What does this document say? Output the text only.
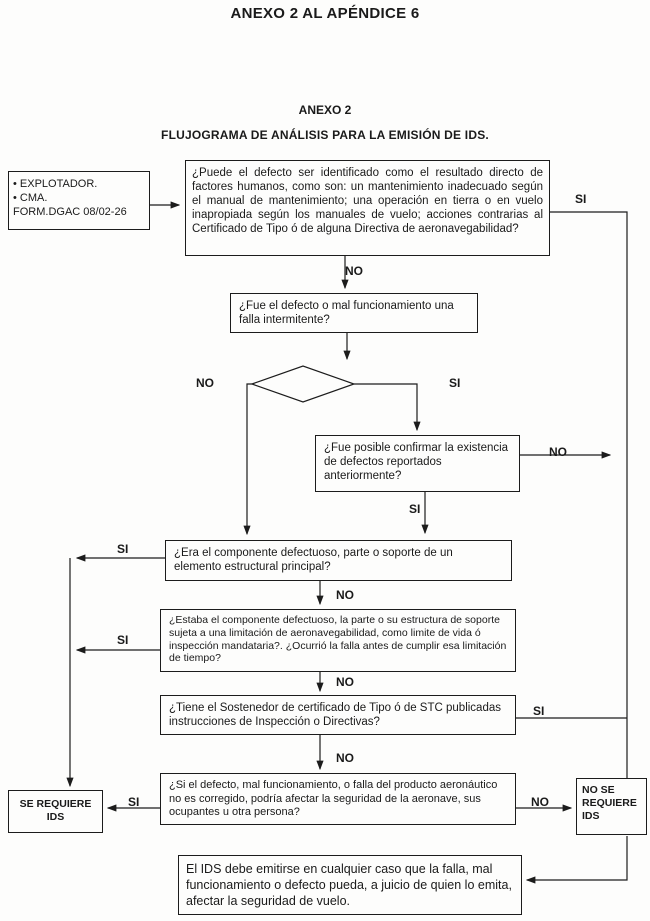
ANEXO 2 AL APÉNDICE 6
ANEXO 2
FLUJOGRAMA DE ANÁLISIS PARA LA EMISIÓN DE IDS.
• EXPLOTADOR.
• CMA.
FORM.DGAC 08/02-26
¿Puede el defecto ser identificado como el resultado directo de factores humanos, como son: un mantenimiento inadecuado según el manual de mantenimiento; una operación en tierra o en vuelo inapropiada según los manuales de vuelo; acciones contrarias al Certificado de Tipo ó de alguna Directiva de aeronavegabilidad?
¿Fue el defecto o mal funcionamiento una falla intermitente?
¿Fue posible confirmar la existencia de defectos reportados anteriormente?
¿Era el componente defectuoso, parte o soporte de un elemento estructural principal?
¿Estaba el componente defectuoso, la parte o su estructura de soporte sujeta a una limitación de aeronavegabilidad, como limite de vida ó inspección mandataria?. ¿Ocurrió la falla antes de cumplir esa limitación de tiempo?
¿Tiene el Sostenedor de certificado de Tipo ó de STC publicadas instrucciones de Inspección o Directivas?
¿Si el defecto, mal funcionamiento, o falla del producto aeronáutico no es corregido, podría afectar la seguridad de la aeronave, sus ocupantes u otra persona?
SE REQUIERE
IDS
NO SE
REQUIERE
IDS
El IDS debe emitirse en cualquier caso que la falla, mal funcionamiento o defecto pueda, a juicio de quien lo emita, afectar la seguridad de vuelo.
SI
NO
NO	SI
NO
SI
SI
NO
SI
NO
SI
NO
SI	NO
